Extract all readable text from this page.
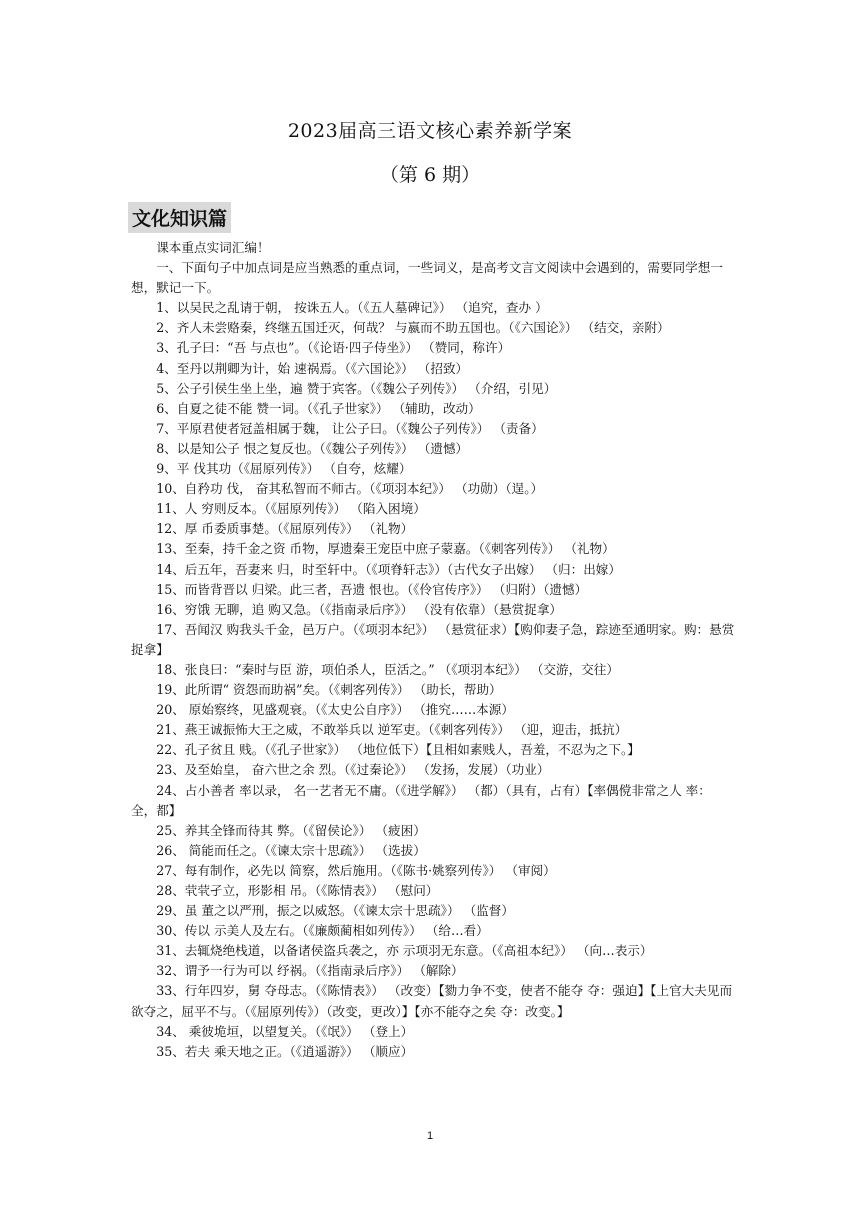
2023届高三语文核心素养新学案
（第 6 期）
文化知识篇

课本重点实词汇编！

一、下面句子中加点词是应当熟悉的重点词，一些词义，是高考文言文阅读中会遇到的，需要同学想一想，默记一下。

1、以吴民之乱请于朝， 按诛五人。（《五人墓碑记》） （追究，查办 ）

2、齐人未尝赂秦，终继五国迁灭，何哉？ 与嬴而不助五国也。（《六国论》） （结交，亲附）

3、孔子曰：“吾 与点也”。（《论语·四子侍坐》） （赞同，称许）

4、至丹以荆卿为计，始 速祸焉。（《六国论》） （招致）

5、公子引侯生坐上坐，遍 赞于宾客。（《魏公子列传》） （介绍，引见）

6、自夏之徒不能 赞一词。（《孔子世家》） （辅助，改动）

7、平原君使者冠盖相属于魏， 让公子曰。（《魏公子列传》） （责备）

8、以是知公子 恨之复反也。（《魏公子列传》） （遗憾）

9、平 伐其功（《屈原列传》） （自夸，炫耀）

10、自矜功 伐， 奋其私智而不师古。（《项羽本纪》） （功勋）（逞。）

11、人 穷则反本。（《屈原列传》） （陷入困境）

12、厚 币委质事楚。（《屈原列传》） （礼物）

13、至秦，持千金之资 币物，厚遗秦王宠臣中庶子蒙嘉。（《刺客列传》） （礼物）

14、后五年，吾妻来 归，时至轩中。（《项脊轩志》）（古代女子出嫁） （归：出嫁）

15、而皆背晋以 归梁。此三者，吾遗 恨也。（《伶官传序》） （归附）（遗憾）

16、穷饿 无聊，追 购又急。（《指南录后序》） （没有依靠）（悬赏捉拿）

17、吾闻汉 购我头千金，邑万户。（《项羽本纪》） （悬赏征求）【购仰妻子急，踪迹至通明家。购：悬赏捉拿】

18、张良曰：“秦时与臣 游，项伯杀人，臣活之。” （《项羽本纪》） （交游，交往）

19、此所谓“ 资怨而助祸”矣。（《刺客列传》） （助长，帮助）

20、 原始察终，见盛观衰。（《太史公自序》） （推究……本源）

21、燕王诚振怖大王之威，不敢举兵以 逆军吏。（《刺客列传》） （迎，迎击，抵抗）

22、孔子贫且 贱。（《孔子世家》） （地位低下）【且相如素贱人，吾羞，不忍为之下。】

23、及至始皇， 奋六世之余 烈。（《过秦论》） （发扬，发展）（功业）

24、占小善者 率以录， 名一艺者无不庸。（《进学解》） （都）（具有，占有）【率偶傥非常之人 率：全，都】

25、养其全锋而待其 弊。（《留侯论》） （疲困）

26、 简能而任之。（《谏太宗十思疏》） （选拔）

27、每有制作，必先以 简察，然后施用。（《陈书·姚察列传》） （审阅）

28、茕茕孑立，形影相 吊。（《陈情表》） （慰问）

29、虽 董之以严刑，振之以威怒。（《谏太宗十思疏》） （监督）

30、传以 示美人及左右。（《廉颇蔺相如列传》） （给…看）

31、去辄烧绝栈道，以备诸侯盗兵袭之，亦 示项羽无东意。（《高祖本纪》） （向…表示）

32、谓予一行为可以 纾祸。（《指南录后序》） （解除）

33、行年四岁，舅 夺母志。（《陈情表》） （改变）【勠力争不变，使者不能夺 夺：强迫】【上官大夫见而欲夺之，屈平不与。（《屈原列传》）（改变，更改）】【亦不能夺之矣 夺：改变。】

34、 乘彼垝垣，以望复关。（《氓》） （登上）

35、若夫 乘天地之正。（《逍遥游》） （顺应）

1
